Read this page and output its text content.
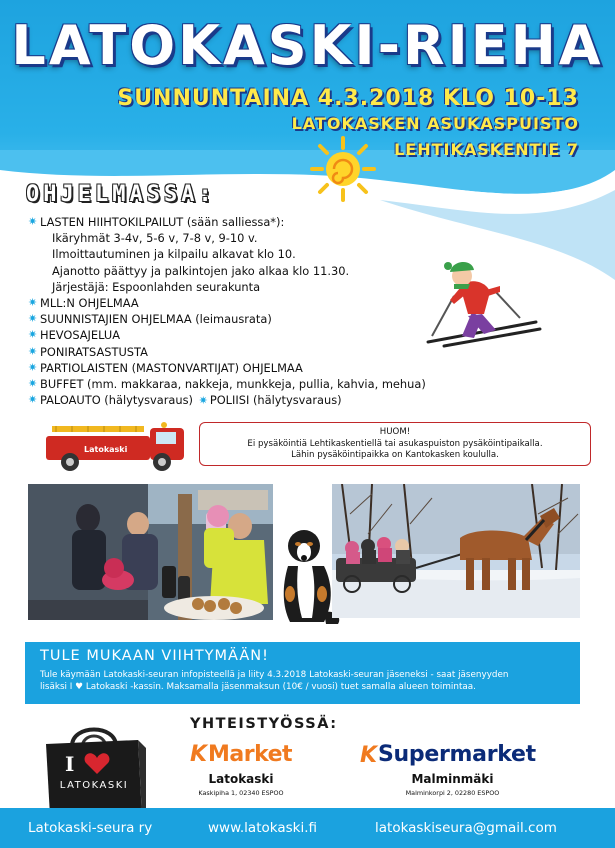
LATOKASKI-RIEHA
SUNNUNTAINA 4.3.2018 KLO 10-13
LATOKASKEN ASUKASPUISTO
LEHTIKASKENTIE 7
OHJELMASSA:
✷ LASTEN HIIHTOKILPAILUT (sään salliessa*):
Ikäryhmät 3-4v, 5-6 v, 7-8 v, 9-10 v.
Ilmoittautuminen ja kilpailu alkavat klo 10.
Ajanotto päättyy ja palkintojen jako alkaa klo 11.30.
Järjestäjä: Espoonlahden seurakunta
✷ MLL:N OHJELMAA
✷ SUUNNISTAJIEN OHJELMAA (leimausrata)
✷ HEVOSAJELUA
✷ PONIRATSASTUSTA
✷ PARTIOLAISTEN (MASTONVARTIJAT) OHJELMAA
✷ BUFFET (mm. makkaraa, nakkeja, munkkeja, pullia, kahvia, mehua)
✷ PALOAUTO (hälytysvaraus) ✷ POLIISI (hälytysvaraus)
Latokaski
HUOM!
Ei pysäköintiä Lehtikaskentiellä tai asukaspuiston pysäköintipaikalla.
Lähin pysäköintipaikka on Kantokasken koululla.
TULE MUKAAN VIIHTYMÄÄN!
Tule käymään Latokaski-seuran infopisteellä ja liity 4.3.2018 Latokaski-seuran jäseneksi - saat jäsenyyden
lisäksi I ♥ Latokaski -kassin. Maksamalla jäsenmaksun (10€ / vuosi) tuet samalla alueen toimintaa.
I
LATOKASKI
YHTEISTYÖSSÄ:
K Market
Latokaski
Kaskipiha 1, 02340 ESPOO
K Supermarket
Malminmäki
Malminkorpi 2, 02280 ESPOO
Latokaski-seura ry	www.latokaski.fi	latokaskiseura@gmail.com
